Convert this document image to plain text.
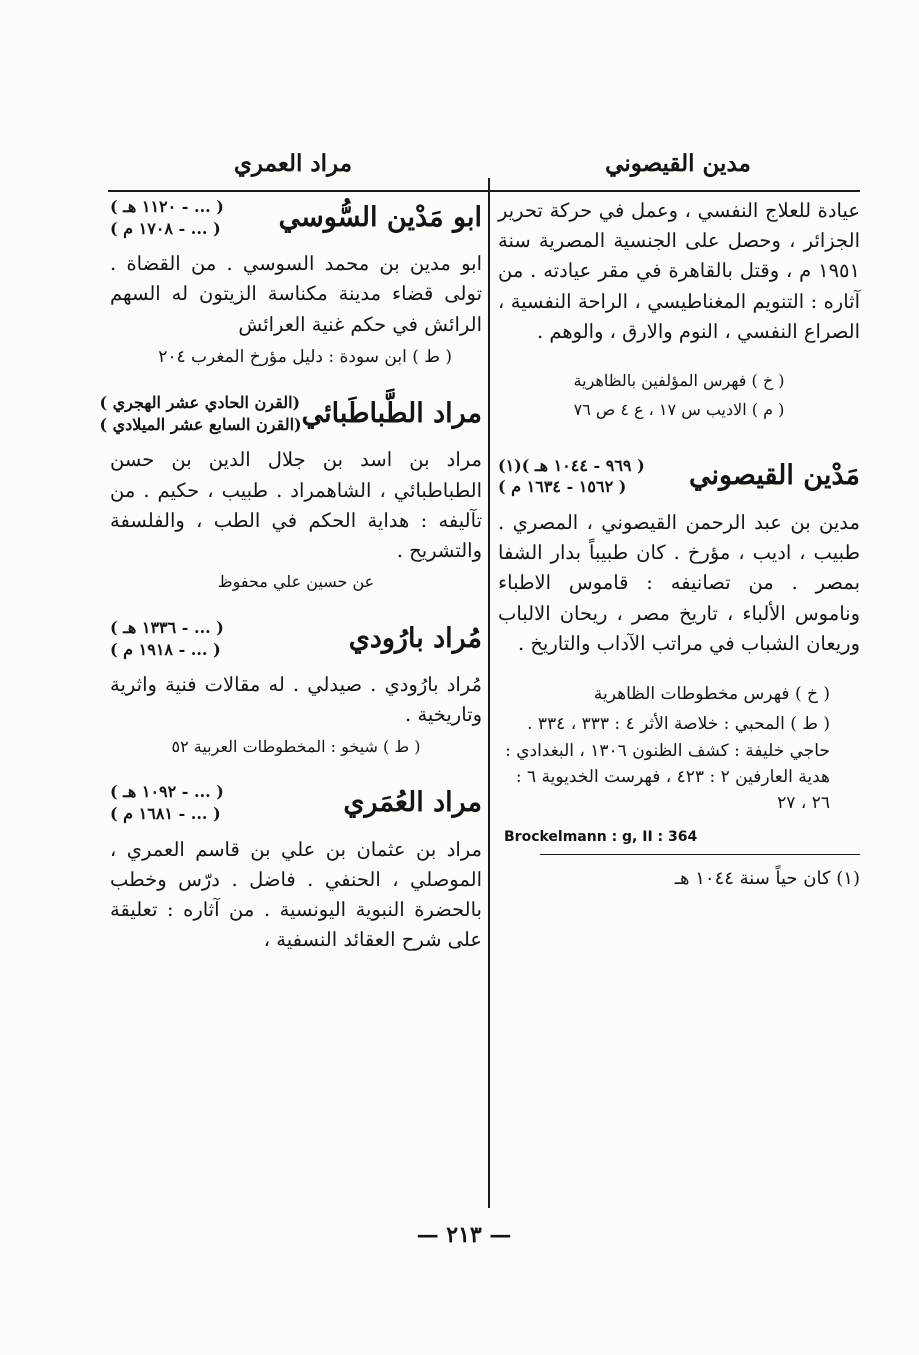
مدين القيصوني
مراد العمري

عيادة للعلاج النفسي ، وعمل في حركة تحرير الجزائر ، وحصل على الجنسية المصرية سنة ١٩٥١ م ، وقتل بالقاهرة في مقر عيادته . من آثاره : التنويم المغناطيسي ، الراحة النفسية ، الصراع النفسي ، النوم والارق ، والوهم .

( خ ) فهرس المؤلفين بالظاهرية
( م ) الاديب س ١٧ ، ع ٤ ص ٧٦
مَدْين القيصوني
( ٩٦٩ - ١٠٤٤ هـ )(١)
( ١٥٦٢ - ١٦٣٤ م )

مدين بن عبد الرحمن القيصوني ، المصري . طبيب ، اديب ، مؤرخ . كان طبيباً بدار الشفا بمصر . من تصانيفه : قاموس الاطباء وناموس الألباء ، تاريخ مصر ، ريحان الالباب وريعان الشباب في مراتب الآداب والتاريخ .

( خ ) فهرس مخطوطات الظاهرية
( ط ) المحبي : خلاصة الأثر ٤ : ٣٣٣ ، ٣٣٤ . حاجي خليفة : كشف الظنون ١٣٠٦ ، البغدادي : هدية العارفين ٢ : ٤٢٣ ، فهرست الخديوية ٦ : ٢٦ ، ٢٧
Brockelmann : g, II : 364
(١) كان حياً سنة ١٠٤٤ هـ
ابو مَدْين السُّوسي
( ... - ١١٢٠ هـ )
( ... - ١٧٠٨ م )

ابو مدين بن محمد السوسي . من القضاة . تولى قضاء مدينة مكناسة الزيتون له السهم الرائش في حكم غنية العرائش

( ط ) ابن سودة : دليل مؤرخ المغرب ٢٠٤
مراد الطَّباطَبائي
(القرن الحادي عشر الهجري )
(القرن السابع عشر الميلادي )

مراد بن اسد بن جلال الدين بن حسن الطباطبائي ، الشاهمراد . طبيب ، حكيم . من تآليفه : هداية الحكم في الطب ، والفلسفة والتشريح .

عن حسين علي محفوظ
مُراد بارُودي
( ... - ١٣٣٦ هـ )
( ... - ١٩١٨ م )

مُراد بارُودي . صيدلي . له مقالات فنية واثرية وتاريخية .

( ط ) شيخو : المخطوطات العربية ٥٢
مراد العُمَري
( ... - ١٠٩٢ هـ )
( ... - ١٦٨١ م )

مراد بن عثمان بن علي بن قاسم العمري ، الموصلي ، الحنفي . فاضل . درّس وخطب بالحضرة النبوية اليونسية . من آثاره : تعليقة على شرح العقائد النسفية ،

— ٢١٣ —
